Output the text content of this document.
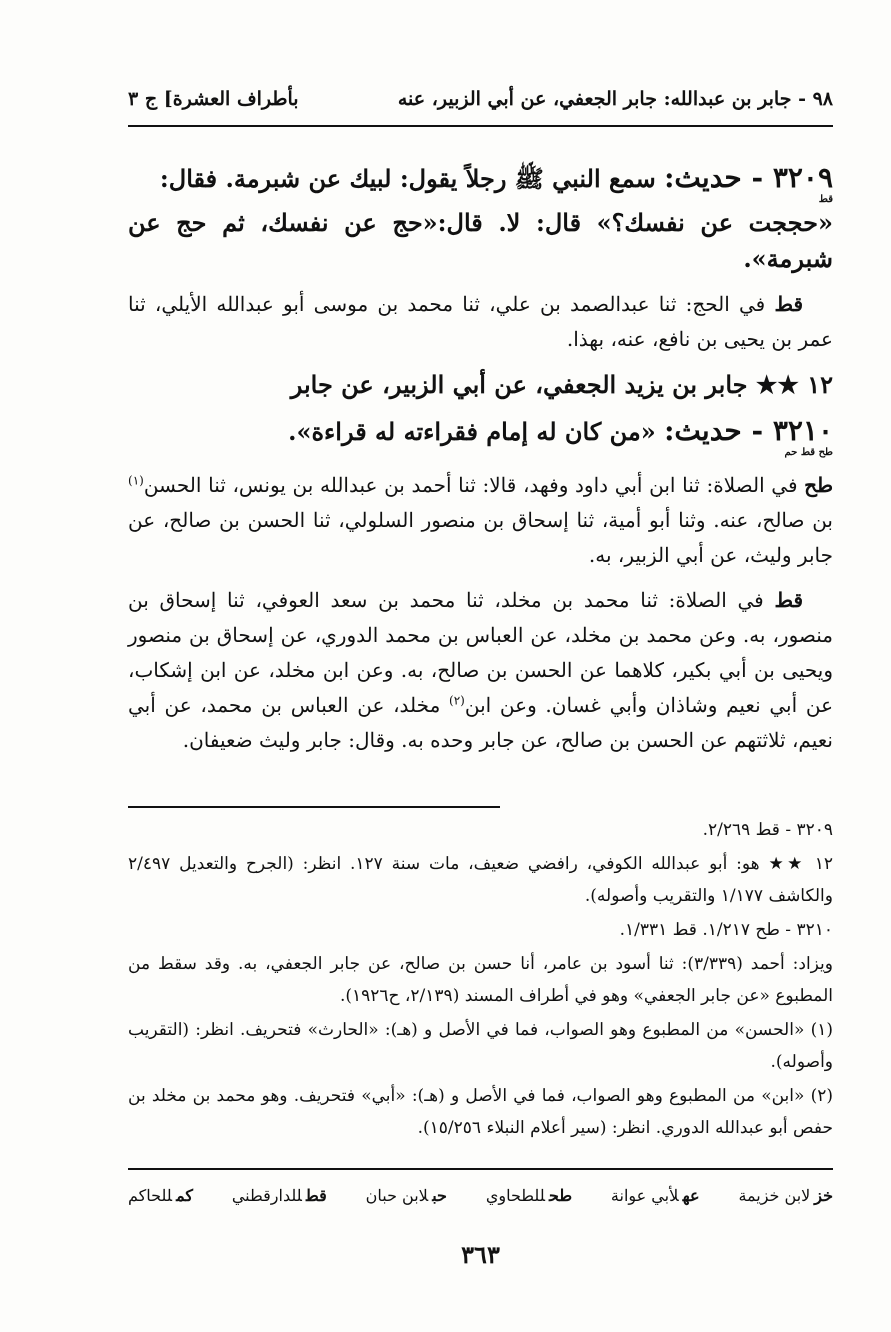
٩٨ - جابر بن عبدالله: جابر الجعفي، عن أبي الزبير، عنه
بأطراف العشرة] ج ٣
٣٢٠٩ - حديث: سمع النبي ﷺ رجلاً يقول: لبيك عن شبرمة. فقال:
قط
«حججت عن نفسك؟» قال: لا. قال:«حج عن نفسك، ثم حج عن شبرمة».
قط في الحج: ثنا عبدالصمد بن علي، ثنا محمد بن موسى أبو عبدالله الأيلي، ثنا عمر بن يحيى بن نافع، عنه، بهذا.
١٢ ★★ جابر بن يزيد الجعفي، عن أبي الزبير، عن جابر
٣٢١٠ - حديث: «من كان له إمام فقراءته له قراءة».
طح قط حم
طح في الصلاة: ثنا ابن أبي داود وفهد، قالا: ثنا أحمد بن عبدالله بن يونس، ثنا الحسن$^{(١)}$ بن صالح، عنه. وثنا أبو أمية، ثنا إسحاق بن منصور السلولي، ثنا الحسن بن صالح، عن جابر وليث، عن أبي الزبير، به.
قط في الصلاة: ثنا محمد بن مخلد، ثنا محمد بن سعد العوفي، ثنا إسحاق بن منصور، به. وعن محمد بن مخلد، عن العباس بن محمد الدوري، عن إسحاق بن منصور ويحيى بن أبي بكير، كلاهما عن الحسن بن صالح، به. وعن ابن مخلد، عن ابن إشكاب، عن أبي نعيم وشاذان وأبي غسان. وعن ابن$^{(٢)}$ مخلد، عن العباس بن محمد، عن أبي نعيم، ثلاثتهم عن الحسن بن صالح، عن جابر وحده به. وقال: جابر وليث ضعيفان.
٣٢٠٩ - قط ٢/٢٦٩.
١٢ ★★ هو: أبو عبدالله الكوفي، رافضي ضعيف، مات سنة ١٢٧. انظر: (الجرح والتعديل ٢/٤٩٧ والكاشف ١/١٧٧ والتقريب وأصوله).
٣٢١٠ - طح ١/٢١٧. قط ١/٣٣١.
ويزاد: أحمد (٣/٣٣٩): ثنا أسود بن عامر، أنا حسن بن صالح، عن جابر الجعفي، به. وقد سقط من المطبوع «عن جابر الجعفي» وهو في أطراف المسند (٢/١٣٩، ح١٩٢٦).
(١) «الحسن» من المطبوع وهو الصواب، فما في الأصل و (هـ): «الحارث» فتحريف. انظر: (التقريب وأصوله).
(٢) «ابن» من المطبوع وهو الصواب، فما في الأصل و (هـ): «أبي» فتحريف. وهو محمد بن مخلد بن حفص أبو عبدالله الدوري. انظر: (سير أعلام النبلاء ١٥/٢٥٦).
خزلابن خزيمة
عهلأبي عوانة
طحللطحاوي
حبلابن حبان
قطللدارقطني
كمللحاكم
٣٦٣
